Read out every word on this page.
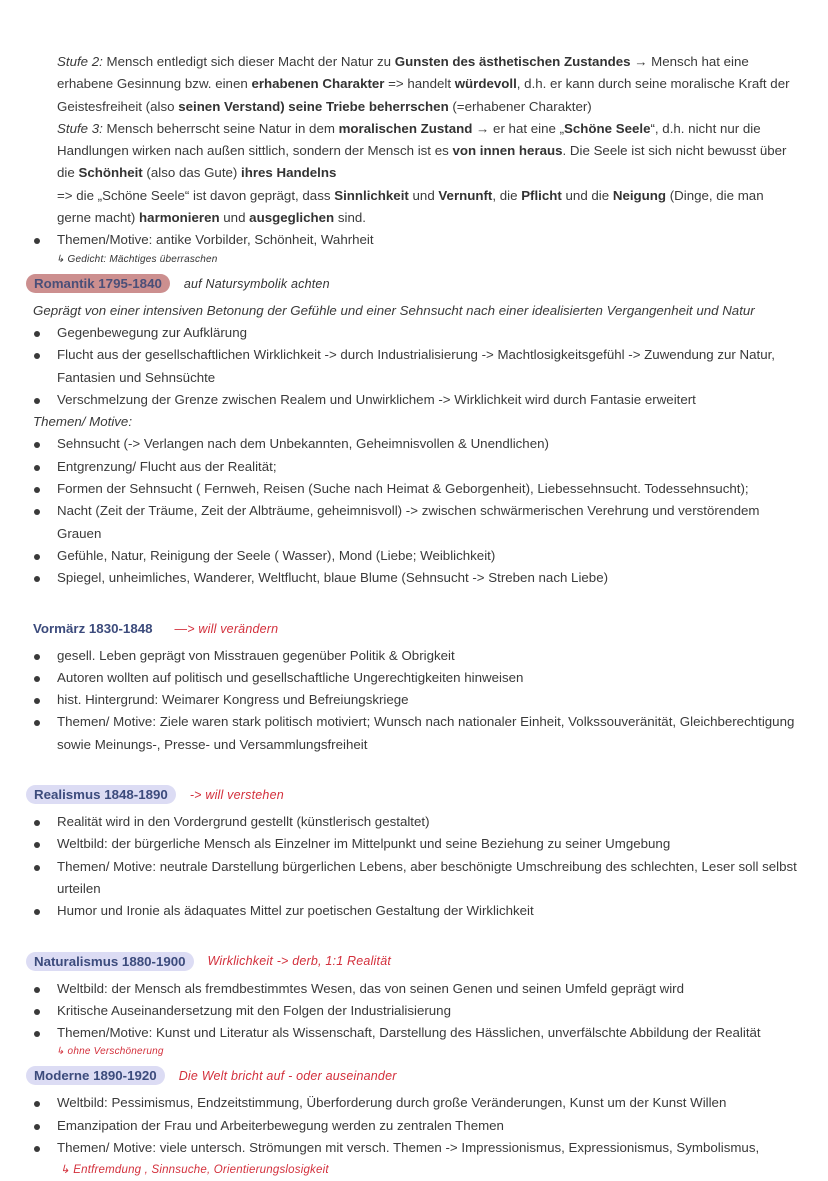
Stufe 2: Mensch entledigt sich dieser Macht der Natur zu Gunsten des ästhetischen Zustandes → Mensch hat eine erhabene Gesinnung bzw. einen erhabenen Charakter => handelt würdevoll, d.h. er kann durch seine moralische Kraft der Geistesfreiheit (also seinen Verstand) seine Triebe beherrschen (=erhabener Charakter)
Stufe 3: Mensch beherrscht seine Natur in dem moralischen Zustand → er hat eine „Schöne Seele“, d.h. nicht nur die Handlungen wirken nach außen sittlich, sondern der Mensch ist es von innen heraus. Die Seele ist sich nicht bewusst über die Schönheit (also das Gute) ihres Handelns
=> die „Schöne Seele“ ist davon geprägt, dass Sinnlichkeit und Vernunft, die Pflicht und die Neigung (Dinge, die man gerne macht) harmonieren und ausgeglichen sind.
Themen/Motive: antike Vorbilder, Schönheit, Wahrheit
↳ Gedicht: Mächtiges überraschen
Romantik 1795-1840 auf Natursymbolik achten
Geprägt von einer intensiven Betonung der Gefühle und einer Sehnsucht nach einer idealisierten Vergangenheit und Natur
Gegenbewegung zur Aufklärung
Flucht aus der gesellschaftlichen Wirklichkeit -> durch Industrialisierung -> Machtlosigkeitsgefühl -> Zuwendung zur Natur, Fantasien und Sehnsüchte
Verschmelzung der Grenze zwischen Realem und Unwirklichem -> Wirklichkeit wird durch Fantasie erweitert
Themen/ Motive:
Sehnsucht (-> Verlangen nach dem Unbekannten, Geheimnisvollen & Unendlichen)
Entgrenzung/ Flucht aus der Realität;
Formen der Sehnsucht ( Fernweh, Reisen (Suche nach Heimat & Geborgenheit), Liebessehnsucht. Todessehnsucht);
Nacht (Zeit der Träume, Zeit der Albträume, geheimnisvoll) -> zwischen schwärmerischen Verehrung und verstörendem Grauen
Gefühle, Natur, Reinigung der Seele ( Wasser), Mond (Liebe; Weiblichkeit)
Spiegel, unheimliches, Wanderer, Weltflucht, blaue Blume (Sehnsucht -> Streben nach Liebe)
Vormärz 1830-1848 —> will verändern
gesell. Leben geprägt von Misstrauen gegenüber Politik & Obrigkeit
Autoren wollten auf politisch und gesellschaftliche Ungerechtigkeiten hinweisen
hist. Hintergrund: Weimarer Kongress und Befreiungskriege
Themen/ Motive: Ziele waren stark politisch motiviert; Wunsch nach nationaler Einheit, Volkssouveränität, Gleichberechtigung sowie Meinungs-, Presse- und Versammlungsfreiheit
Realismus 1848-1890 -> will verstehen
Realität wird in den Vordergrund gestellt (künstlerisch gestaltet)
Weltbild: der bürgerliche Mensch als Einzelner im Mittelpunkt und seine Beziehung zu seiner Umgebung
Themen/ Motive: neutrale Darstellung bürgerlichen Lebens, aber beschönigte Umschreibung des schlechten, Leser soll selbst urteilen
Humor und Ironie als ädaquates Mittel zur poetischen Gestaltung der Wirklichkeit
Naturalismus 1880-1900 Wirklichkeit -> derb, 1:1 Realität
Weltbild: der Mensch als fremdbestimmtes Wesen, das von seinen Genen und seinen Umfeld geprägt wird
Kritische Auseinandersetzung mit den Folgen der Industrialisierung
Themen/Motive: Kunst und Literatur als Wissenschaft, Darstellung des Hässlichen, unverfälschte Abbildung der Realität
↳ ohne Verschönerung
Moderne 1890-1920 Die Welt bricht auf - oder auseinander
Weltbild: Pessimismus, Endzeitstimmung, Überforderung durch große Veränderungen, Kunst um der Kunst Willen
Emanzipation der Frau und Arbeiterbewegung werden zu zentralen Themen
Themen/ Motive: viele untersch. Strömungen mit versch. Themen -> Impressionismus, Expressionismus, Symbolismus,
↳ Entfremdung , Sinnsuche, Orientierungslosigkeit
